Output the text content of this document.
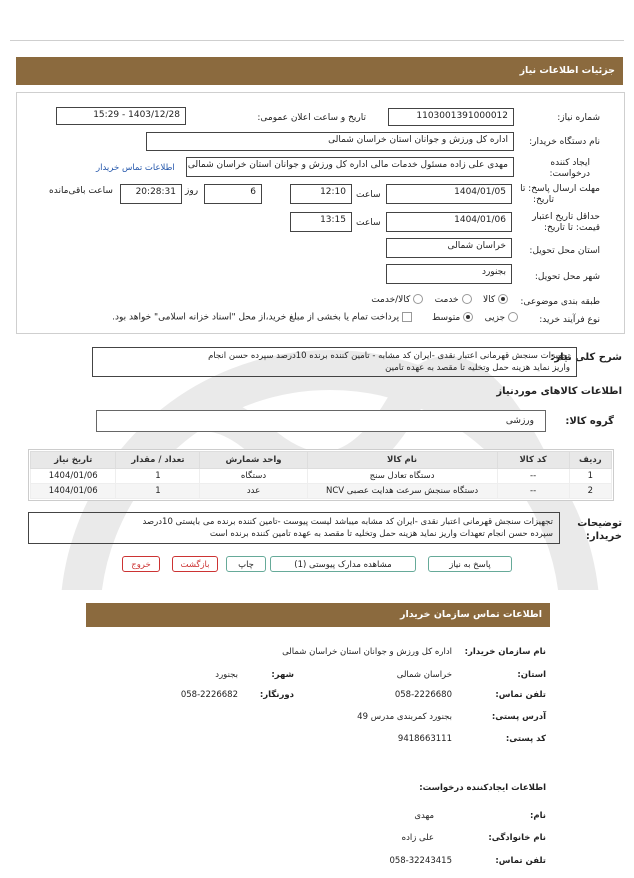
جزئیات اطلاعات نیاز
شماره نیاز:
1103001391000012
تاریخ و ساعت اعلان عمومی:
1403/12/28 - 15:29
نام دستگاه خریدار:
اداره کل ورزش و جوانان استان خراسان شمالی
ایجاد کننده
درخواست:
مهدی علی زاده مسئول خدمات مالی اداره کل ورزش و جوانان استان خراسان شمالی
اطلاعات تماس خریدار
مهلت ارسال پاسخ: تا
تاریخ:
1404/01/05
ساعت
12:10
6
روز
20:28:31
ساعت باقی‌مانده
حداقل تاریخ اعتبار
قیمت: تا تاریخ:
1404/01/06
ساعت
13:15
استان محل تحویل:
خراسان شمالی
شهر محل تحویل:
بجنورد
طبقه بندی موضوعی:
کالا     خدمت     کالا/خدمت
نوع فرآیند خرید:
جزیی     متوسط
پرداخت تمام یا بخشی از مبلغ خرید،از محل "اسناد خزانه اسلامی" خواهد بود.
شرح کلی نیاز:
تجهیزات سنجش قهرمانی اعتبار نقدی -ایران کد مشابه - تامین کننده برنده 10درصد سپرده حسن انجام
واریز نماید هزینه حمل وتخلیه تا مقصد به عهده تامین
اطلاعات کالاهای موردنیاز
گروه کالا:
ورزشی
ردیف	کد کالا	نام کالا	واحد شمارش	تعداد / مقدار	تاریخ نیاز
1	--	دستگاه تعادل سنج	دستگاه	1	1404/01/06
2	--	دستگاه سنجش سرعت هدایت عصبی NCV	عدد	1	1404/01/06
توضیحات
خریدار:
تجهیزات سنجش قهرمانی اعتبار نقدی -ایران کد مشابه میباشد لیست پیوست -تامین کننده برنده می بایستی 10درصد
سپرده حسن انجام تعهدات واریز نماید هزینه حمل وتخلیه تا مقصد به عهده تامین کننده برنده است
پاسخ به نیاز
مشاهده مدارک پیوستی (1)
چاپ
بازگشت
خروج
اطلاعات تماس سازمان خریدار
نام سازمان خریدار:
اداره کل ورزش و جوانان استان خراسان شمالی
استان:
خراسان شمالی
شهر:
بجنورد
تلفن تماس:
058-2226680
دورنگار:
058-2226682
آدرس پستی:
بجنورد کمربندی مدرس 49
کد پستی:
9418663111
اطلاعات ایجادکننده درخواست:
نام:
مهدی
نام خانوادگی:
علی زاده
تلفن تماس:
058-32243415
